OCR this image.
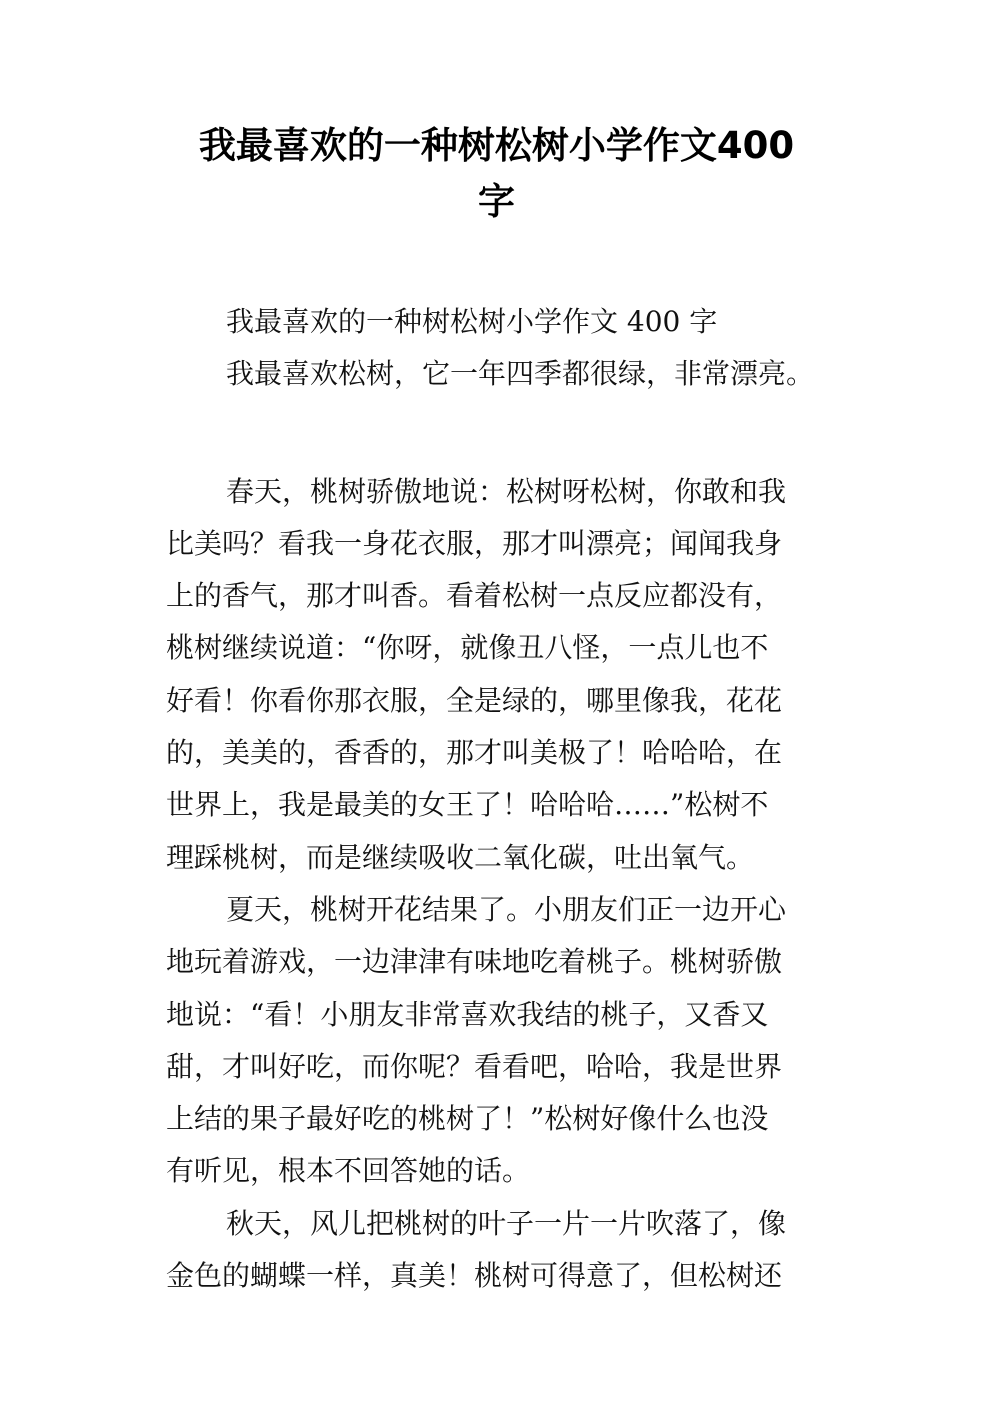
我最喜欢的一种树松树小学作文400
字
我最喜欢的一种树松树小学作文 400 字
我最喜欢松树，它一年四季都很绿，非常漂亮。
春天，桃树骄傲地说：松树呀松树，你敢和我
比美吗？看我一身花衣服，那才叫漂亮；闻闻我身
上的香气，那才叫香。看着松树一点反应都没有，
桃树继续说道：“你呀，就像丑八怪，一点儿也不
好看！你看你那衣服，全是绿的，哪里像我，花花
的，美美的，香香的，那才叫美极了！哈哈哈，在
世界上，我是最美的女王了！哈哈哈……”松树不
理踩桃树，而是继续吸收二氧化碳，吐出氧气。
夏天，桃树开花结果了。小朋友们正一边开心
地玩着游戏，一边津津有味地吃着桃子。桃树骄傲
地说：“看！小朋友非常喜欢我结的桃子，又香又
甜，才叫好吃，而你呢？看看吧，哈哈，我是世界
上结的果子最好吃的桃树了！”松树好像什么也没
有听见，根本不回答她的话。
秋天，风儿把桃树的叶子一片一片吹落了，像
金色的蝴蝶一样，真美！桃树可得意了，但松树还
